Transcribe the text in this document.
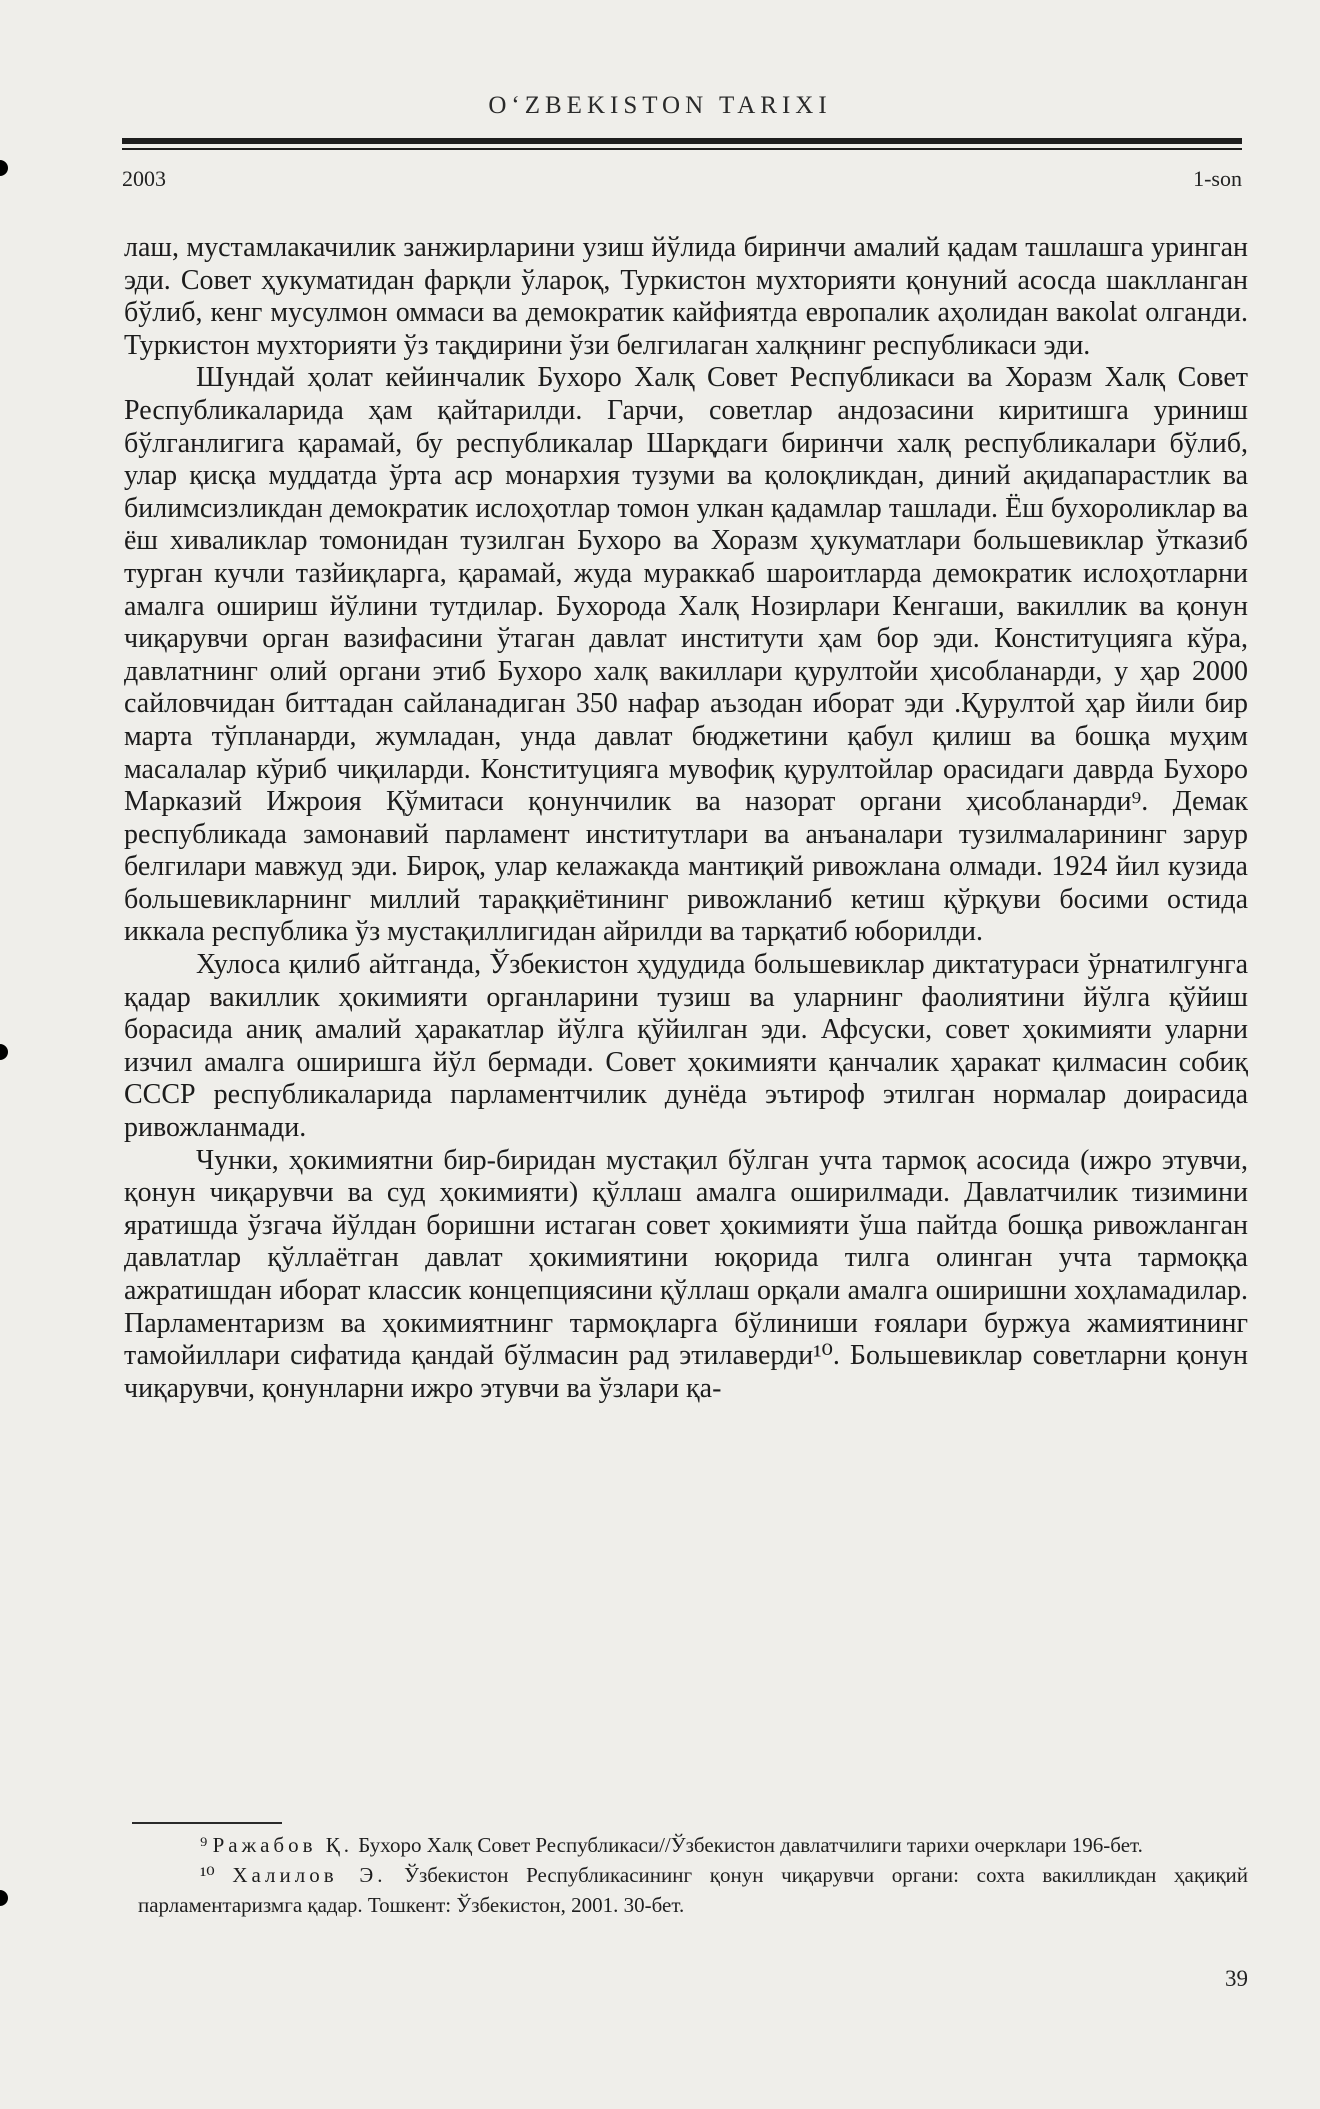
O‘ZBEKISTON TARIXI
2003	1-son

лаш, мустамлакачилик занжирларини узиш йўлида биринчи амалий қадам ташлашга уринган эди. Совет ҳукуматидан фарқли ўлароқ, Туркистон мухторияти қонуний асосда шаклланган бўлиб, кенг мусулмон оммаси ва демократик кайфиятда европалик аҳолидан вакolat олганди. Туркистон мухторияти ўз тақдирини ўзи белгилаган халқнинг республикаси эди.

Шундай ҳолат кейинчалик Бухоро Халқ Совет Республикаси ва Хоразм Халқ Совет Республикаларида ҳам қайтарилди. Гарчи, советлар андозасини киритишга уриниш бўлганлигига қарамай, бу республикалар Шарқдаги биринчи халқ республикалари бўлиб, улар қисқа муддатда ўрта аср монархия тузуми ва қолоқликдан, диний ақидапарастлик ва билимсизликдан демократик ислоҳотлар томон улкан қадамлар ташлади. Ёш бухороликлар ва ёш хиваликлар томонидан тузилган Бухоро ва Хоразм ҳукуматлари большевиклар ўтказиб турган кучли тазйиқларга, қарамай, жуда мураккаб шароитларда демократик ислоҳотларни амалга ошириш йўлини тутдилар. Бухорода Халқ Нозирлари Кенгаши, вакиллик ва қонун чиқарувчи орган вазифасини ўтаган давлат институти ҳам бор эди. Конституцияга кўра, давлатнинг олий органи этиб Бухоро халқ вакиллари қурултойи ҳисобланарди, у ҳар 2000 сайловчидан биттадан сайланадиган 350 нафар аъзодан иборат эди .Қурултой ҳар йили бир марта тўпланарди, жумладан, унда давлат бюджетини қабул қилиш ва бошқа муҳим масалалар кўриб чиқиларди. Конституцияга мувофиқ қурултойлар орасидаги даврда Бухоро Марказий Ижроия Қўмитаси қонунчилик ва назорат органи ҳисобланарди⁹. Демак республикада замонавий парламент институтлари ва анъаналари тузилмаларининг зарур белгилари мавжуд эди. Бироқ, улар келажакда мантиқий ривожлана олмади. 1924 йил кузида большевикларнинг миллий тараққиётининг ривожланиб кетиш қўрқуви босими остида иккала республика ўз мустақиллигидан айрилди ва тарқатиб юборилди.

Хулоса қилиб айтганда, Ўзбекистон ҳудудида большевиклар диктатураси ўрнатилгунга қадар вакиллик ҳокимияти органларини тузиш ва уларнинг фаолиятини йўлга қўйиш борасида аниқ амалий ҳаракатлар йўлга қўйилган эди. Афсуски, совет ҳокимияти уларни изчил амалга оширишга йўл бермади. Совет ҳокимияти қанчалик ҳаракат қилмасин собиқ СССР республикаларида парламентчилик дунёда эътироф этилган нормалар доирасида ривожланмади.

Чунки, ҳокимиятни бир-биридан мустақил бўлган учта тармоқ асосида (ижро этувчи, қонун чиқарувчи ва суд ҳокимияти) қўллаш амалга оширилмади. Давлатчилик тизимини яратишда ўзгача йўлдан боришни истаган совет ҳокимияти ўша пайтда бошқа ривожланган давлатлар қўллаётган давлат ҳокимиятини юқорида тилга олинган учта тармоққа ажратишдан иборат классик концепциясини қўллаш орқали амалга оширишни хоҳламадилар. Парламентаризм ва ҳокимиятнинг тармоқларга бўлиниши ғоялари буржуа жамиятининг тамойиллари сифатида қандай бўлмасин рад этилаверди¹⁰. Большевиклар советларни қонун чиқарувчи, қонунларни ижро этувчи ва ўзлари қа-

⁹ Ражабов Қ. Бухоро Халқ Совет Республикаси//Ўзбекистон давлатчилиги тарихи очерклари 196-бет.

¹⁰ Халилов Э. Ўзбекистон Республикасининг қонун чиқарувчи органи: сохта вакилликдан ҳақиқий парламентаризмга қадар. Тошкент: Ўзбекистон, 2001. 30-бет.

39
